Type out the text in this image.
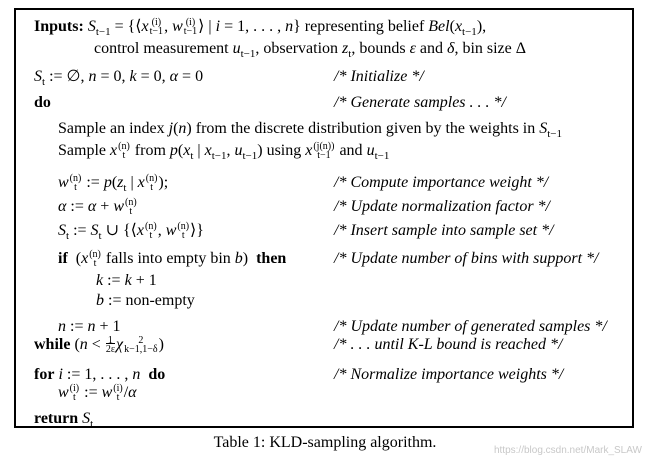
Inputs: $S_{t-1}$ = {⟨x (i)
t−1, w (i)
t−1⟩ | i = 1, . . . , n} representing belief $Bel(x_{t-1})$,
control measurement $u_{t-1}$, observation $z_t$, bounds ε and δ, bin size Δ
$S_t$ := ∅, n = 0, k = 0, α = 0	/* Initialize */
do	/* Generate samples . . . */
Sample an index j(n) from the discrete distribution given by the weights in $S_{t-1}$
Sample x(n)
t from $p(x_t$ | $x_{t-1}$, $u_{t-1}$) using x(j(n))
t−1 and $u_{t-1}$
w(n)
t := $p(z_t$ | x(n)
t );	/* Compute importance weight */
α := α + w(n)
t	/* Update normalization factor */
$S_t$ := $S_t$ ∪ {⟨x(n)
t , w(n)
t ⟩}	/* Insert sample into sample set */
if  (x(n)
t falls into empty bin b)  then	/* Update number of bins with support */
k := k + 1
b := non-empty
n := n + 1	/* Update number of generated samples */
while (n < 1
2εχ 2
k−1,1−δ)	/* . . . until K-L bound is reached */
for i := 1, . . . , n do	/* Normalize importance weights */
w(i)
t := w(i)
t /α
return $S_t$
Table 1: KLD-sampling algorithm.	https://blog.csdn.net/Mark_SLAW
